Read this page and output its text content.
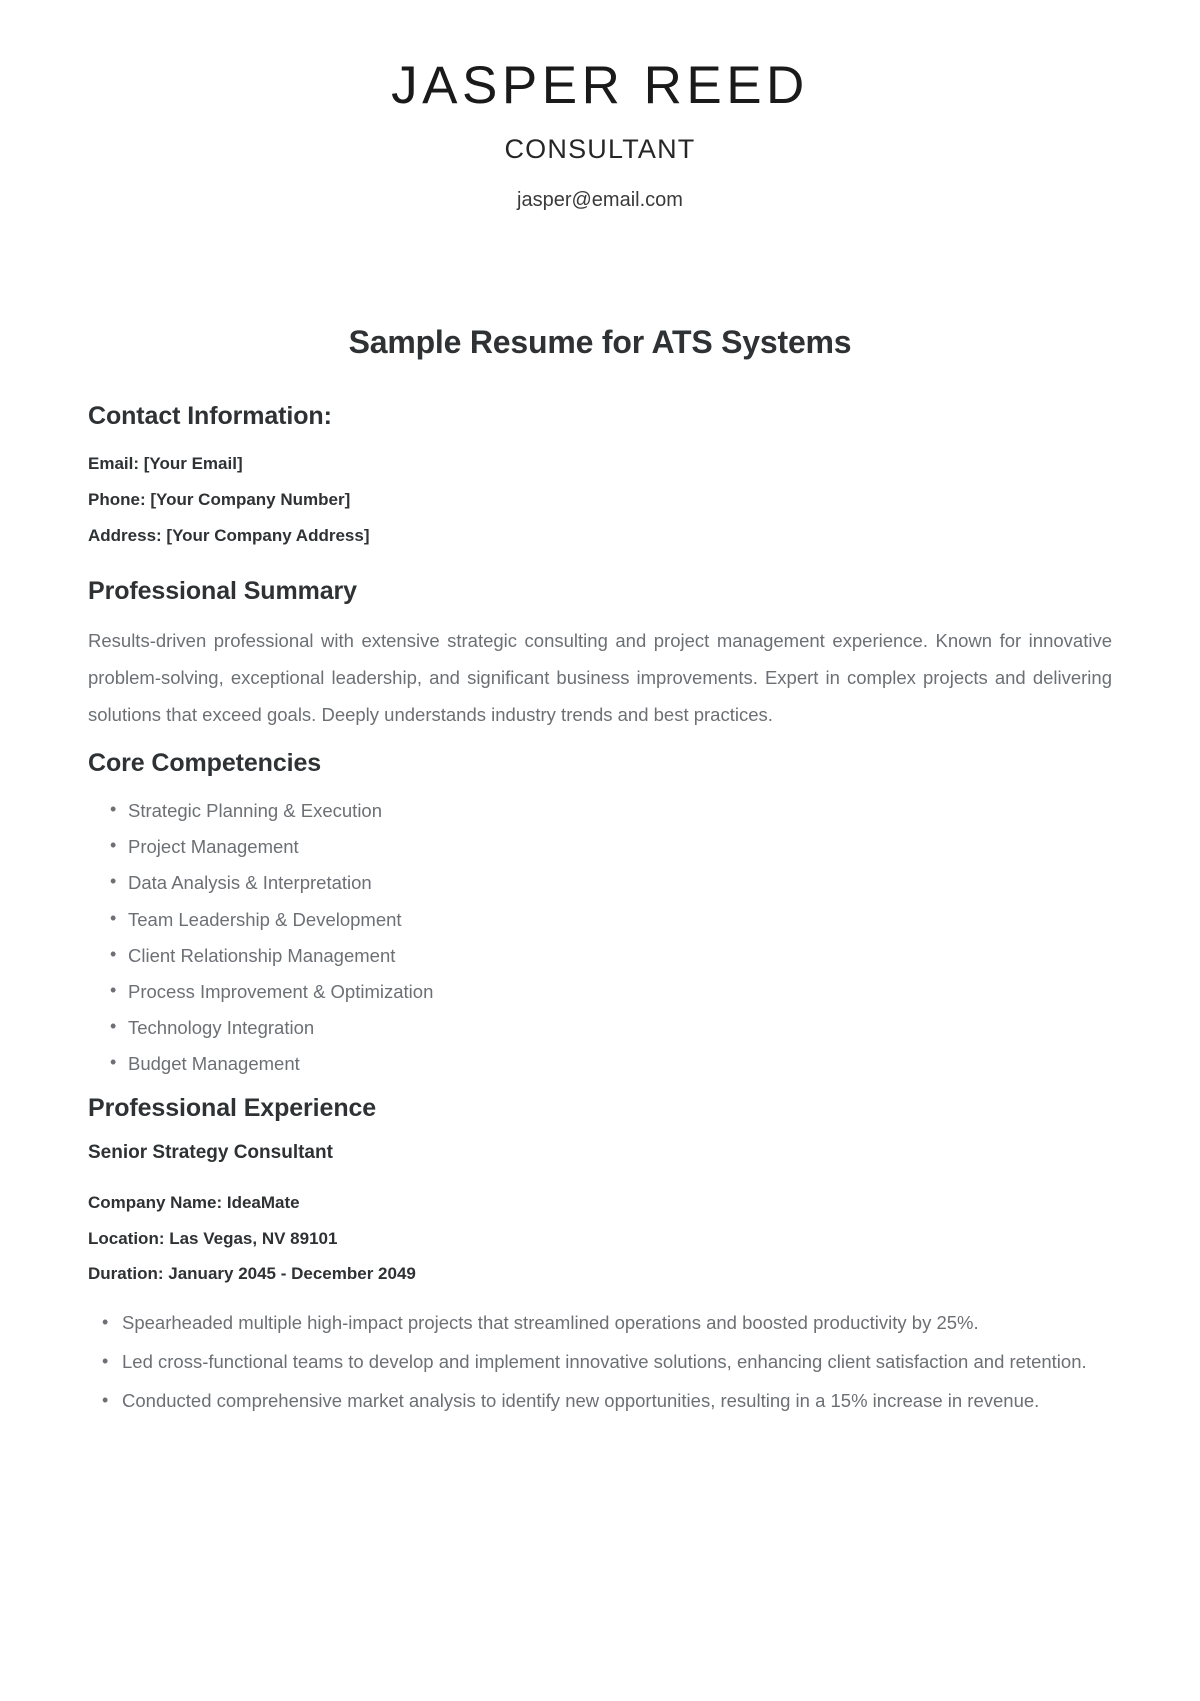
JASPER REED
CONSULTANT
jasper@email.com
Sample Resume for ATS Systems
Contact Information:

Email: [Your Email]

Phone: [Your Company Number]

Address: [Your Company Address]

Professional Summary

Results-driven professional with extensive strategic consulting and project management experience. Known for innovative problem-solving, exceptional leadership, and significant business improvements. Expert in complex projects and delivering solutions that exceed goals. Deeply understands industry trends and best practices.

Core Competencies
• Strategic Planning & Execution
• Project Management
• Data Analysis & Interpretation
• Team Leadership & Development
• Client Relationship Management
• Process Improvement & Optimization
• Technology Integration
• Budget Management
Professional Experience

Senior Strategy Consultant

Company Name: IdeaMate

Location: Las Vegas, NV 89101

Duration: January 2045 - December 2049

• Spearheaded multiple high-impact projects that streamlined operations and boosted productivity by 25%.
• Led cross-functional teams to develop and implement innovative solutions, enhancing client satisfaction and retention.
• Conducted comprehensive market analysis to identify new opportunities, resulting in a 15% increase in revenue.
